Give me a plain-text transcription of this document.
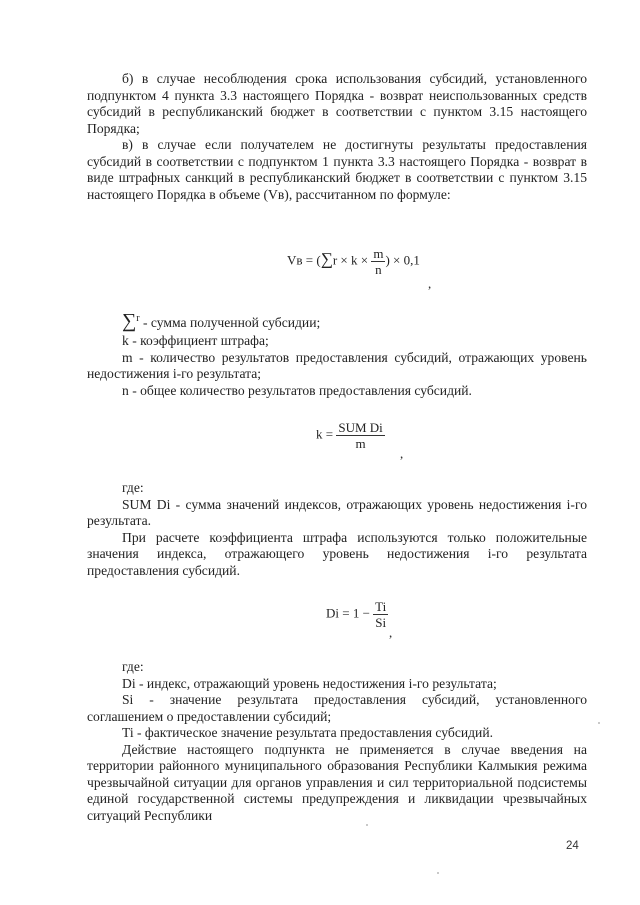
б) в случае несоблюдения срока использования субсидий, установленного подпунктом 4 пункта 3.3 настоящего Порядка - возврат неиспользованных средств субсидий в республиканский бюджет в соответствии с пунктом 3.15 настоящего Порядка;

в) в случае если получателем не достигнуты результаты предоставления субсидий в соответствии с подпунктом 1 пункта 3.3 настоящего Порядка - возврат в виде штрафных санкций в республиканский бюджет в соответствии с пунктом 3.15 настоящего Порядка в объеме (Vв), рассчитанном по формуле:

Vв = ($\sum r \times k \times \frac{m}{n}$ ) × 0,1
,

∑$^r$ - сумма полученной субсидии;

k - коэффициент штрафа;

m - количество результатов предоставления субсидий, отражающих уровень недостижения i-го результата;

n - общее количество результатов предоставления субсидий.

$k = \frac{\text{SUM Di}}{m}$
,

где:

SUM Di - сумма значений индексов, отражающих уровень недостижения i-го результата.

При расчете коэффициента штрафа используются только положительные значения индекса, отражающего уровень недостижения i-го результата предоставления субсидий.

$Di = 1 - \frac{Ti}{Si}$
,

где:

Di - индекс, отражающий уровень недостижения i-го результата;

Si - значение результата предоставления субсидий, установленного соглашением о предоставлении субсидий;

Ti - фактическое значение результата предоставления субсидий.

Действие настоящего подпункта не применяется в случае введения на территории районного муниципального образования Республики Калмыкия режима чрезвычайной ситуации для органов управления и сил территориальной подсистемы единой государственной системы предупреждения и ликвидации чрезвычайных ситуаций Республики

24
